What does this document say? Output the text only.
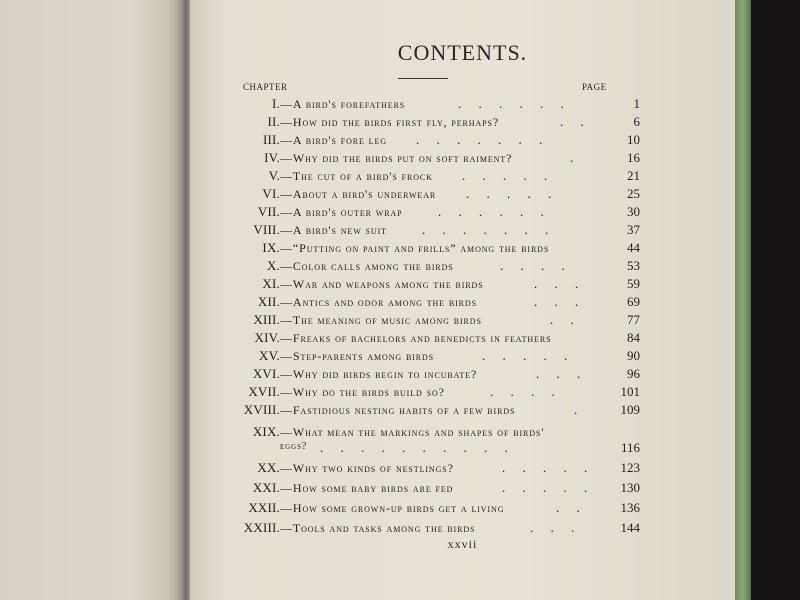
CONTENTS.
CHAPTER	PAGE
I. —A bird's forefathers	. . . . . .	1
II. —How did the birds first fly, perhaps?	. .	6
III. —A bird's fore leg . . . . . . .	10
IV. —Why did the birds put on soft raiment?	.	16
V. —The cut of a bird's frock . . . . .	21
VI. —About a bird's underwear . . . . .	25
VII. —A bird's outer wrap	. . . . . .	30
VIII. —A bird's new suit	. . . . . . .	37
IX. —“Putting on paint and frills” among the birds	44
X. —Color calls among the birds	. . . .	53
XI. —War and weapons among the birds	. . .	59
XII. —Antics and odor among the birds	. . .	69
XIII. —The meaning of music among birds	. .	77
XIV. —Freaks of bachelors and benedicts in feathers	84
XV. —Step-parents among birds	. . . . .	90
XVI. —Why did birds begin to incubate?	. . .	96
XVII. —Why do the birds build so?	. . . .	101
XVIII. —Fastidious nesting habits of a few birds	.	109
XIX. —What mean the markings and shapes of birds'
eggs? . . . . . . . . . .	116
XX. —Why two kinds of nestlings?	. . . . . 123
XXI. —How some baby birds are fed	. . . . . 130
XXII. —How some grown-up birds get a living	. .	136
XXIII. —Tools and tasks among the birds	. . .	144
xxvii
